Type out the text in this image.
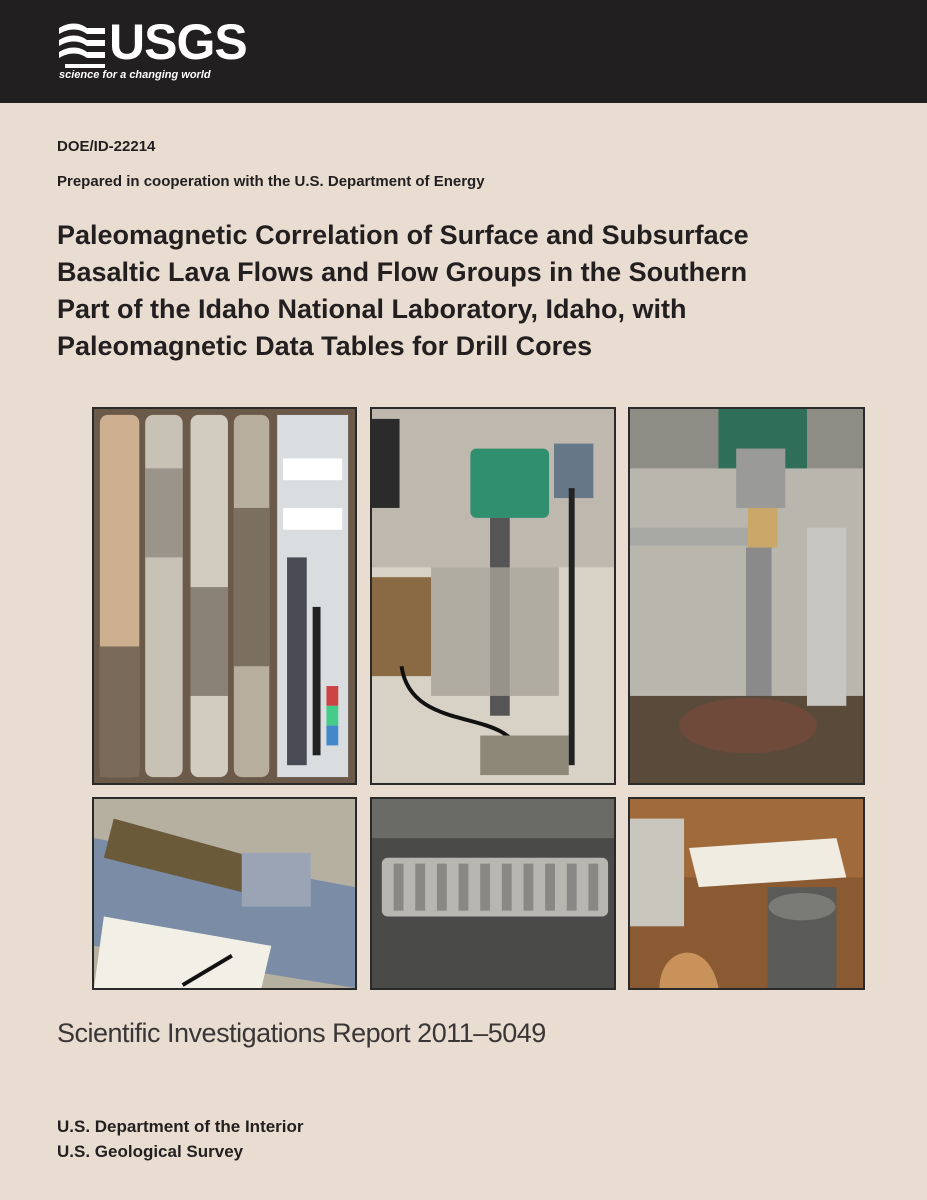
USGS
science for a changing world
DOE/ID-22214
Prepared in cooperation with the U.S. Department of Energy
Paleomagnetic Correlation of Surface and Subsurface
Basaltic Lava Flows and Flow Groups in the Southern
Part of the Idaho National Laboratory, Idaho, with
Paleomagnetic Data Tables for Drill Cores
Scientific Investigations Report 2011–5049
U.S. Department of the Interior
U.S. Geological Survey
